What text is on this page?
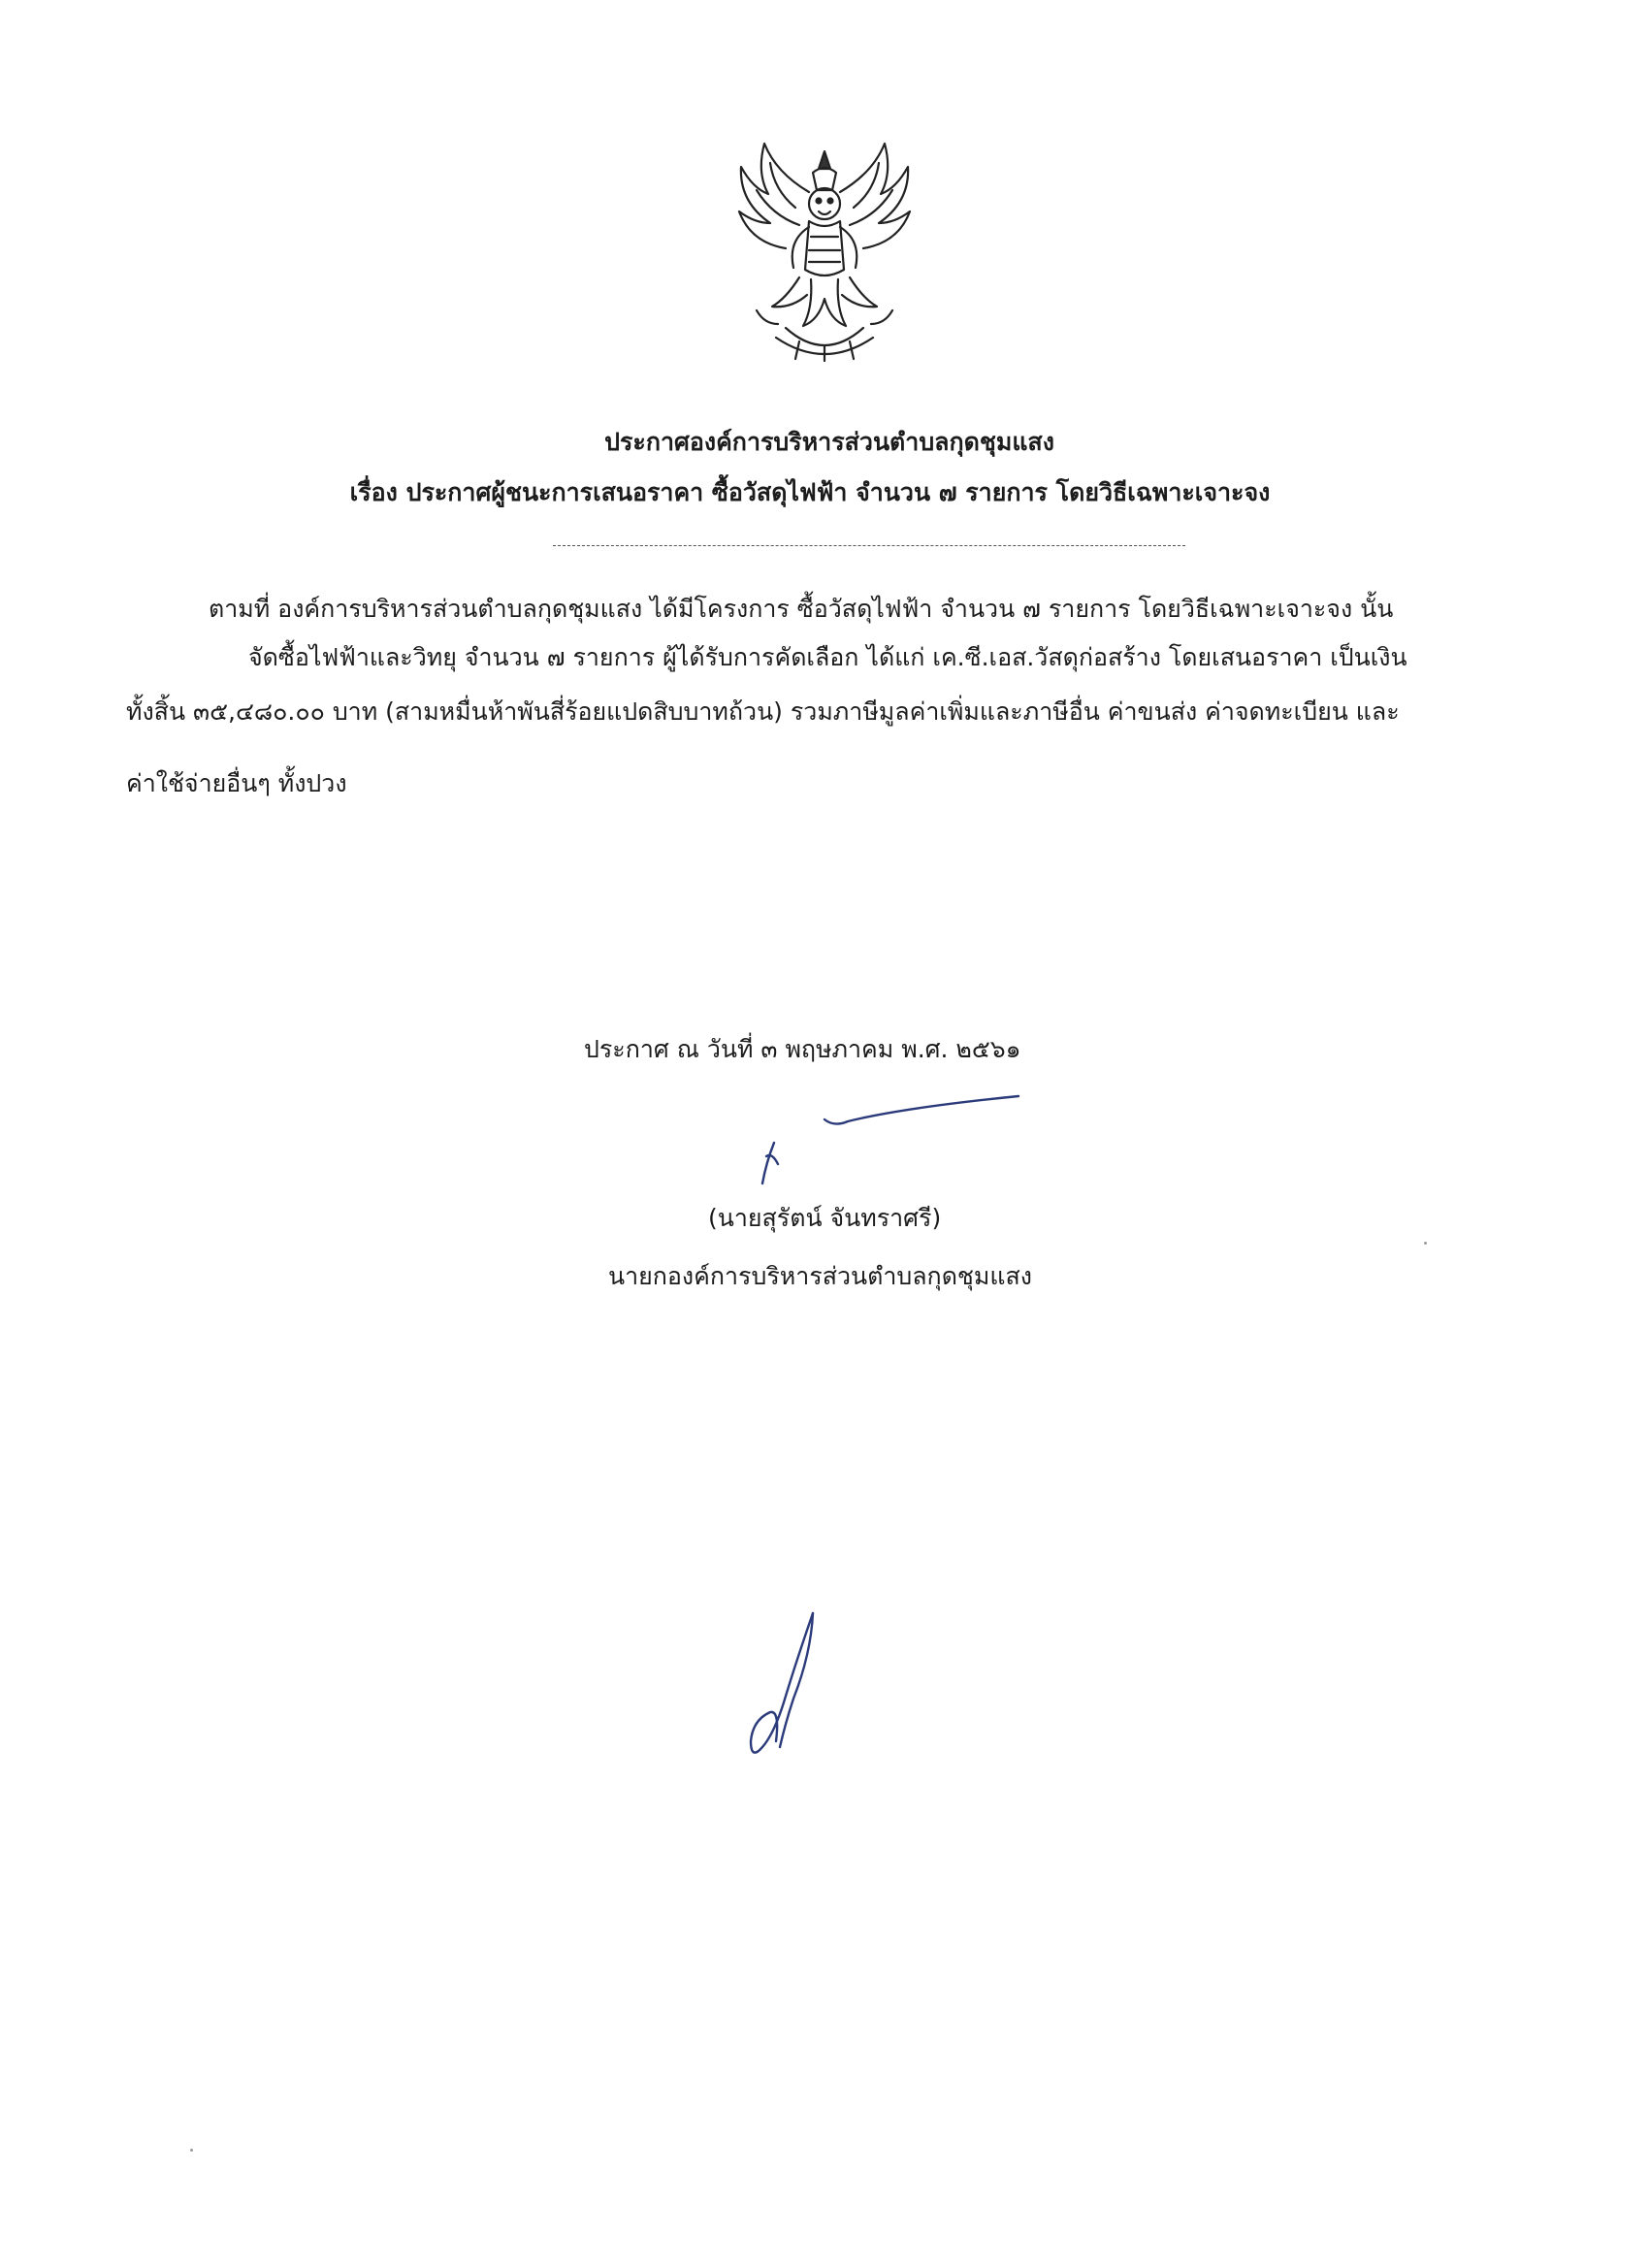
ประกาศองค์การบริหารส่วนตำบลกุดชุมแสง
เรื่อง ประกาศผู้ชนะการเสนอราคา ซื้อวัสดุไฟฟ้า จำนวน ๗ รายการ โดยวิธีเฉพาะเจาะจง
ตามที่ องค์การบริหารส่วนตำบลกุดชุมแสง ได้มีโครงการ ซื้อวัสดุไฟฟ้า จำนวน ๗ รายการ โดยวิธีเฉพาะเจาะจง นั้น
จัดซื้อไฟฟ้าและวิทยุ จำนวน ๗ รายการ ผู้ได้รับการคัดเลือก ได้แก่ เค.ซี.เอส.วัสดุก่อสร้าง โดยเสนอราคา เป็นเงิน
ทั้งสิ้น ๓๕,๔๘๐.๐๐ บาท (สามหมื่นห้าพันสี่ร้อยแปดสิบบาทถ้วน) รวมภาษีมูลค่าเพิ่มและภาษีอื่น ค่าขนส่ง ค่าจดทะเบียน และ
ค่าใช้จ่ายอื่นๆ ทั้งปวง
ประกาศ ณ วันที่ ๓ พฤษภาคม พ.ศ. ๒๕๖๑
(นายสุรัตน์ จันทราศรี)
นายกองค์การบริหารส่วนตำบลกุดชุมแสง
